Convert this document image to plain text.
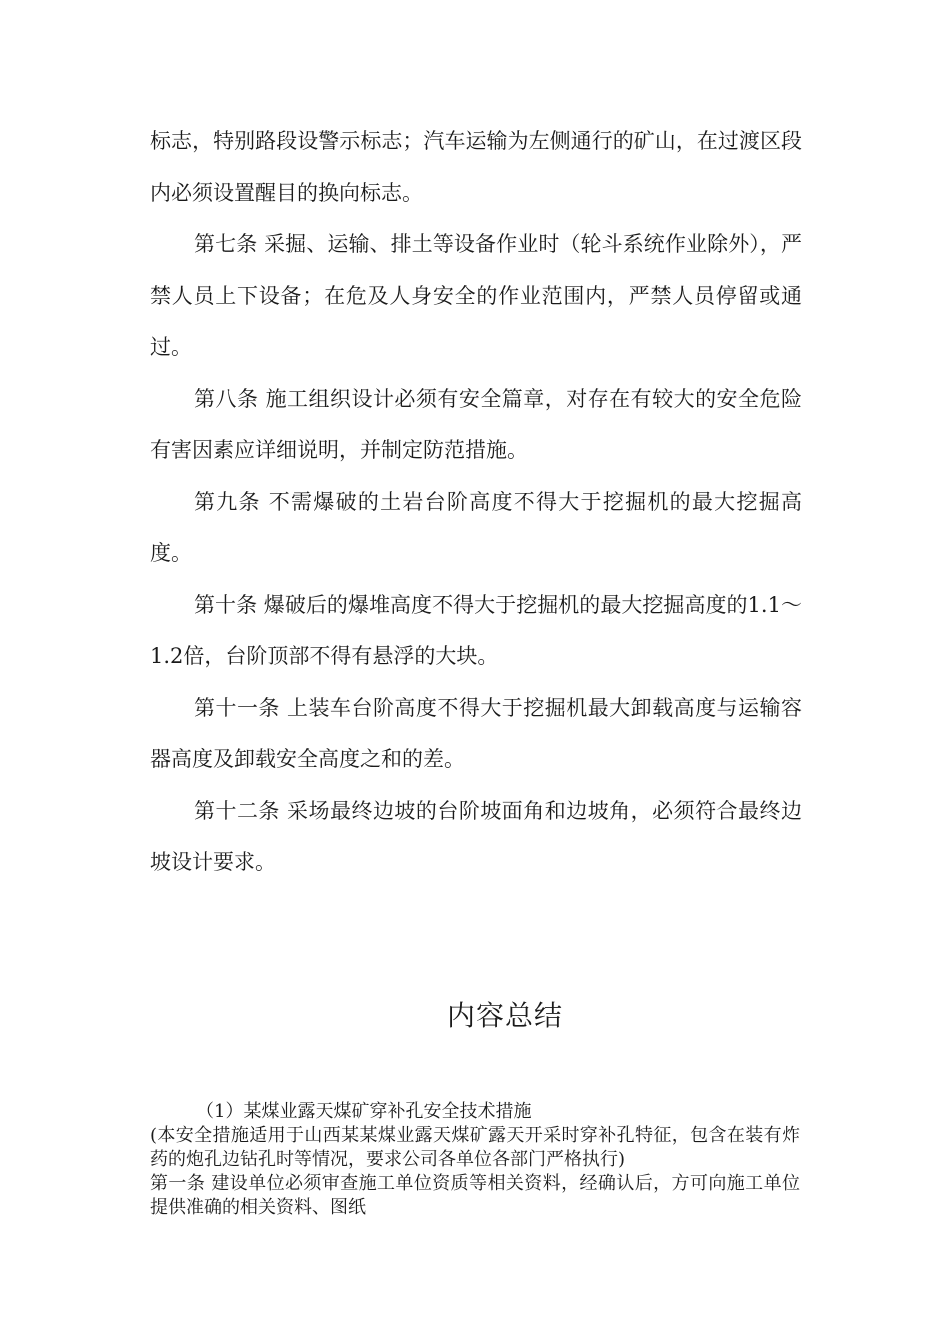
标志，特别路段设警示标志；汽车运输为左侧通行的矿山，在过渡区段内必须设置醒目的换向标志。

第七条 采掘、运输、排土等设备作业时（轮斗系统作业除外），严禁人员上下设备；在危及人身安全的作业范围内，严禁人员停留或通过。

第八条 施工组织设计必须有安全篇章，对存在有较大的安全危险有害因素应详细说明，并制定防范措施。

第九条 不需爆破的土岩台阶高度不得大于挖掘机的最大挖掘高度。

第十条 爆破后的爆堆高度不得大于挖掘机的最大挖掘高度的1.1～1.2倍，台阶顶部不得有悬浮的大块。

第十一条 上装车台阶高度不得大于挖掘机最大卸载高度与运输容器高度及卸载安全高度之和的差。

第十二条 采场最终边坡的台阶坡面角和边坡角，必须符合最终边坡设计要求。

内容总结

（1）某煤业露天煤矿穿补孔安全技术措施

(本安全措施适用于山西某某煤业露天煤矿露天开采时穿补孔特征，包含在装有炸药的炮孔边钻孔时等情况，要求公司各单位各部门严格执行)

第一条 建设单位必须审查施工单位资质等相关资料，经确认后，方可向施工单位提供准确的相关资料、图纸
